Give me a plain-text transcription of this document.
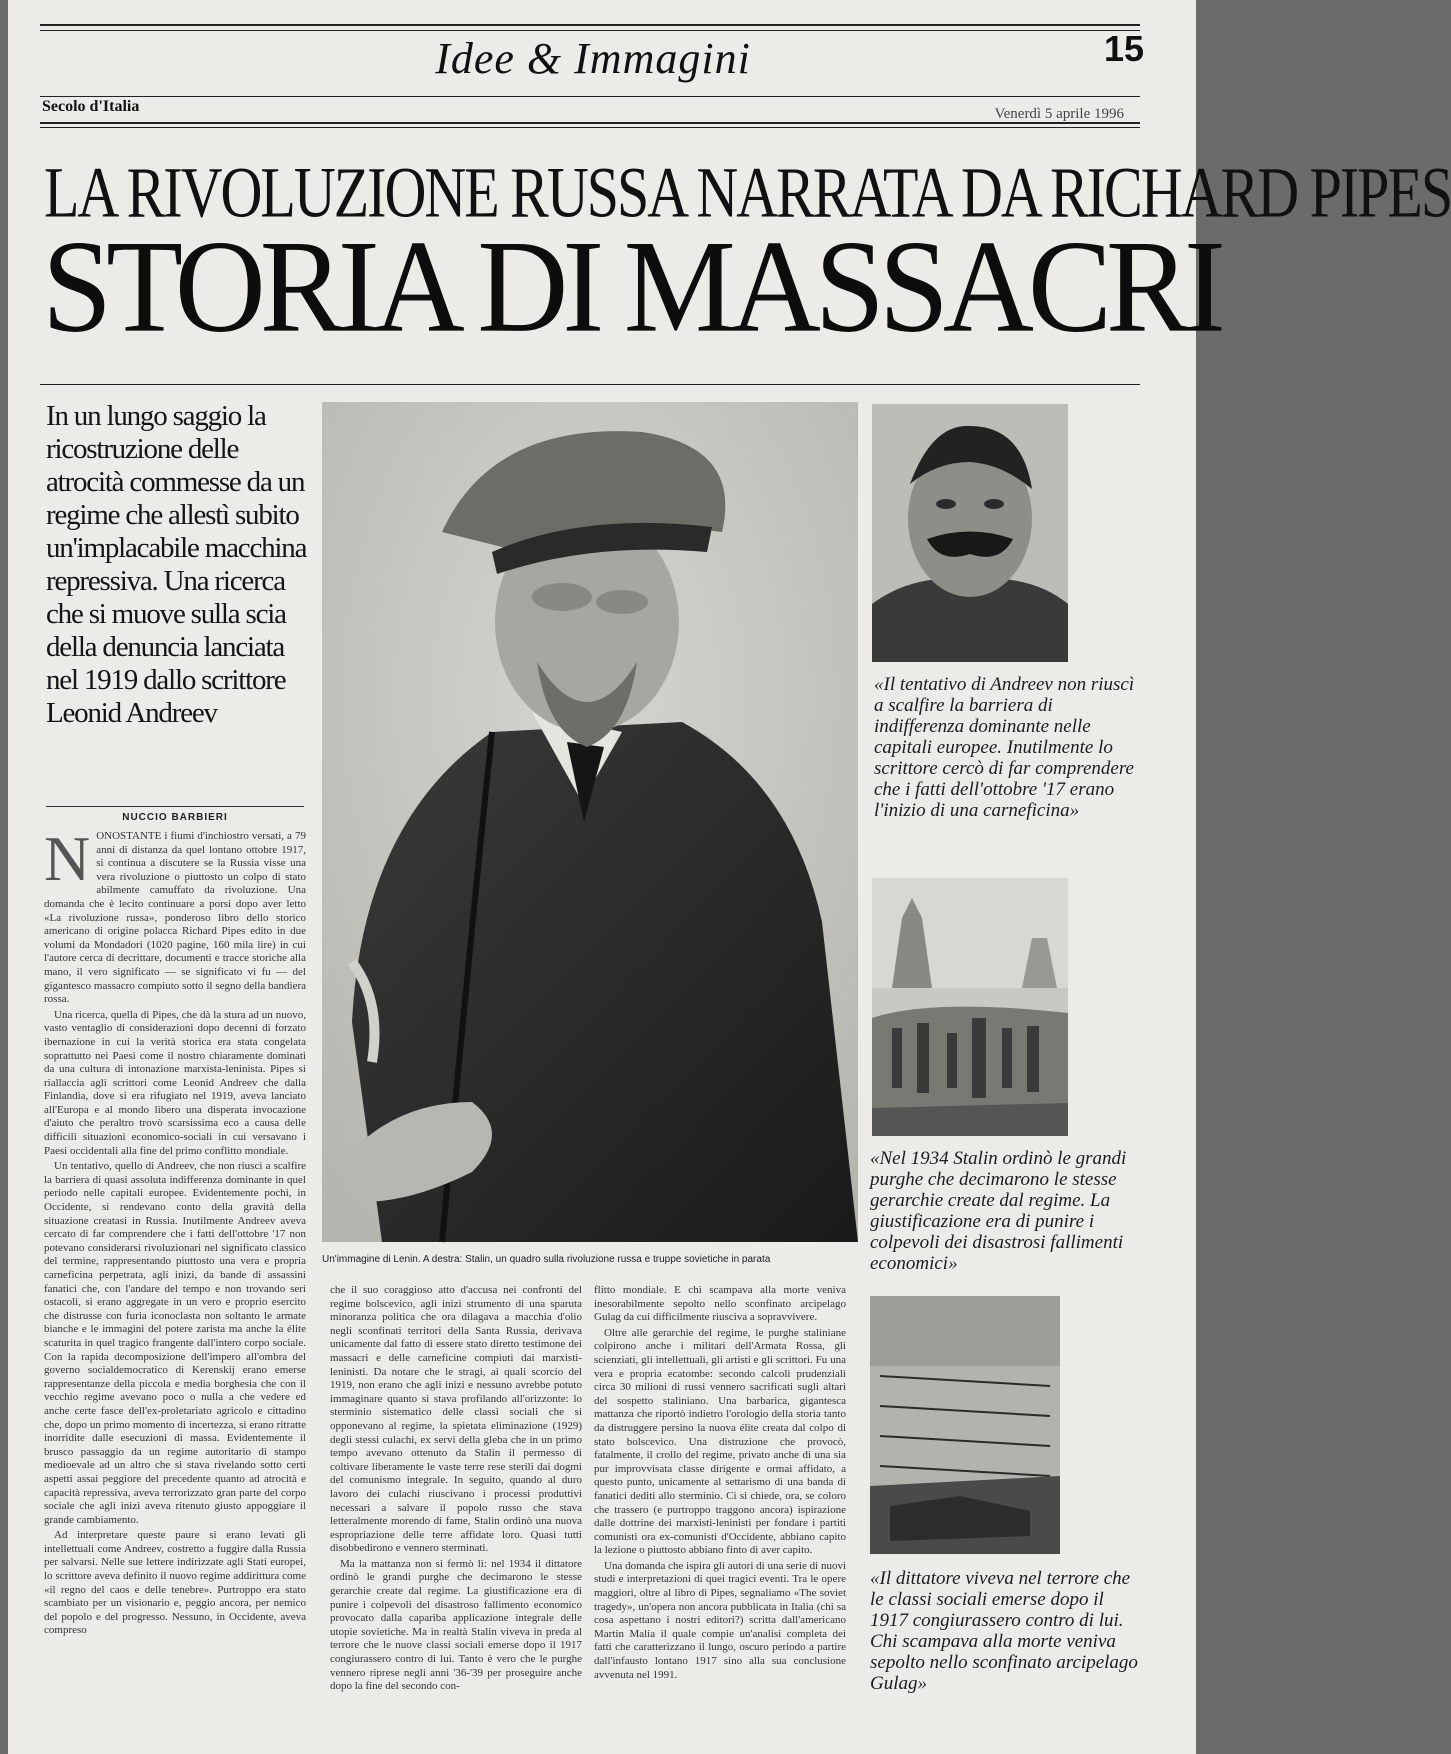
Idee & Immagini	15
Secolo d'Italia	Venerdì 5 aprile 1996
LA RIVOLUZIONE RUSSA NARRATA DA RICHARD PIPES
STORIA DI MASSACRI
In un lungo saggio la ricostruzione delle atrocità commesse da un regime che allestì subito un'implacabile macchina repressiva. Una ricerca che si muove sulla scia della denuncia lanciata nel 1919 dallo scrittore Leonid Andreev
NUCCIO BARBIERI
N ONOSTANTE i fiumi d'inchiostro versati, a 79 anni di distanza da quel lontano ottobre 1917, si continua a discutere se la Russia visse una vera rivoluzione o piuttosto un colpo di stato abilmente camuffato da rivoluzione. Una domanda che è lecito continuare a porsi dopo aver letto «La rivoluzione russa», ponderoso libro dello storico americano di origine polacca Richard Pipes edito in due volumi da Mondadori (1020 pagine, 160 mila lire) in cui l'autore cerca di decrittare, documenti e tracce storiche alla mano, il vero significato — se significato vi fu — del gigantesco massacro compiuto sotto il segno della bandiera rossa.

Una ricerca, quella di Pipes, che dà la stura ad un nuovo, vasto ventaglio di considerazioni dopo decenni di forzato ibernazione in cui la verità storica era stata congelata soprattutto nei Paesi come il nostro chiaramente dominati da una cultura di intonazione marxista-leninista. Pipes si riallaccia agli scrittori come Leonid Andreev che dalla Finlandia, dove si era rifugiato nel 1919, aveva lanciato all'Europa e al mondo libero una disperata invocazione d'aiuto che peraltro trovò scarsissima eco a causa delle difficili situazioni economico-sociali in cui versavano i Paesi occidentali alla fine del primo conflitto mondiale.

Un tentativo, quello di Andreev, che non riuscì a scalfire la barriera di quasi assoluta indifferenza dominante in quel periodo nelle capitali europee. Evidentemente pochi, in Occidente, si rendevano conto della gravità della situazione creatasi in Russia. Inutilmente Andreev aveva cercato di far comprendere che i fatti dell'ottobre '17 non potevano considerarsi rivoluzionari nel significato classico del termine, rappresentando piuttosto una vera e propria carneficina perpetrata, agli inizi, da bande di assassini fanatici che, con l'andare del tempo e non trovando seri ostacoli, si erano aggregate in un vero e proprio esercito che distrusse con furia iconoclasta non soltanto le armate bianche e le immagini del potere zarista ma anche la élite scaturita in quel tragico frangente dall'intero corpo sociale. Con la rapida decomposizione dell'impero all'ombra del governo socialdemocratico di Kerenskij erano emerse rappresentanze della piccola e media borghesia che con il vecchio regime avevano poco o nulla a che vedere ed anche certe fasce dell'ex-proletariato agricolo e cittadino che, dopo un primo momento di incertezza, si erano ritratte inorridite dalle esecuzioni di massa. Evidentemente il brusco passaggio da un regime autoritario di stampo medioevale ad un altro che si stava rivelando sotto certi aspetti assai peggiore del precedente quanto ad atrocità e capacità repressiva, aveva terrorizzato gran parte del corpo sociale che agli inizi aveva ritenuto giusto appoggiare il grande cambiamento.

Ad interpretare queste paure si erano levati gli intellettuali come Andreev, costretto a fuggire dalla Russia per salvarsi. Nelle sue lettere indirizzate agli Stati europei, lo scrittore aveva definito il nuovo regime addirittura come «il regno del caos e delle tenebre». Purtroppo era stato scambiato per un visionario e, peggio ancora, per nemico del popolo e del progresso. Nessuno, in Occidente, aveva compreso

Un'immagine di Lenin. A destra: Stalin, un quadro sulla rivoluzione russa e truppe sovietiche in parata

che il suo coraggioso atto d'accusa nei confronti del regime bolscevico, agli inizi strumento di una sparuta minoranza politica che ora dilagava a macchia d'olio negli sconfinati territori della Santa Russia, derivava unicamente dal fatto di essere stato diretto testimone dei massacri e delle carneficine compiuti dai marxisti-leninisti. Da notare che le stragi, ai quali scorcio del 1919, non erano che agli inizi e nessuno avrebbe potuto immaginare quanto si stava profilando all'orizzonte: lo sterminio sistematico delle classi sociali che si opponevano al regime, la spietata eliminazione (1929) degli stessi culachi, ex servi della gleba che in un primo tempo avevano ottenuto da Stalin il permesso di coltivare liberamente le vaste terre rese sterili dai dogmi del comunismo integrale. In seguito, quando al duro lavoro dei culachi riuscivano i processi produttivi necessari a salvare il popolo russo che stava letteralmente morendo di fame, Stalin ordinò una nuova espropriazione delle terre affidate loro. Quasi tutti disobbedirono e vennero sterminati.

Ma la mattanza non si fermò lì: nel 1934 il dittatore ordinò le grandi purghe che decimarono le stesse gerarchie create dal regime. La giustificazione era di punire i colpevoli del disastroso fallimento economico provocato dalla capariba applicazione integrale delle utopie sovietiche. Ma in realtà Stalin viveva in preda al terrore che le nuove classi sociali emerse dopo il 1917 congiurassero contro di lui. Tanto è vero che le purghe vennero riprese negli anni '36-'39 per proseguire anche dopo la fine del secondo con-

flitto mondiale. E chi scampava alla morte veniva inesorabilmente sepolto nello sconfinato arcipelago Gulag da cui difficilmente riusciva a sopravvivere.

Oltre alle gerarchie del regime, le purghe staliniane colpirono anche i militari dell'Armata Rossa, gli scienziati, gli intellettuali, gli artisti e gli scrittori. Fu una vera e propria ecatombe: secondo calcoli prudenziali circa 30 milioni di russi vennero sacrificati sugli altari del sospetto staliniano. Una barbarica, gigantesca mattanza che riportò indietro l'orologio della storia tanto da distruggere persino la nuova élite creata dal colpo di stato bolscevico. Una distruzione che provocò, fatalmente, il crollo del regime, privato anche di una sia pur improvvisata classe dirigente e ormai affidato, a questo punto, unicamente al settarismo di una banda di fanatici dediti allo sterminio. Ci si chiede, ora, se coloro che trassero (e purtroppo traggono ancora) ispirazione dalle dottrine dei marxisti-leninisti per fondare i partiti comunisti ora ex-comunisti d'Occidente, abbiano capito la lezione o piuttosto abbiano finto di aver capito.

Una domanda che ispira gli autori di una serie di nuovi studi e interpretazioni di quei tragici eventi. Tra le opere maggiori, oltre al libro di Pipes, segnaliamo «The soviet tragedy», un'opera non ancora pubblicata in Italia (chi sa cosa aspettano i nostri editori?) scritta dall'americano Martin Malia il quale compie un'analisi completa dei fatti che caratterizzano il lungo, oscuro periodo a partire dall'infausto lontano 1917 sino alla sua conclusione avvenuta nel 1991.

«Il tentativo di Andreev non riuscì a scalfire la barriera di indifferenza dominante nelle capitali europee. Inutilmente lo scrittore cercò di far comprendere che i fatti dell'ottobre '17 erano l'inizio di una carneficina»
«Nel 1934 Stalin ordinò le grandi purghe che decimarono le stesse gerarchie create dal regime. La giustificazione era di punire i colpevoli dei disastrosi fallimenti economici»
«Il dittatore viveva nel terrore che le classi sociali emerse dopo il 1917 congiurassero contro di lui. Chi scampava alla morte veniva sepolto nello sconfinato arcipelago Gulag»
